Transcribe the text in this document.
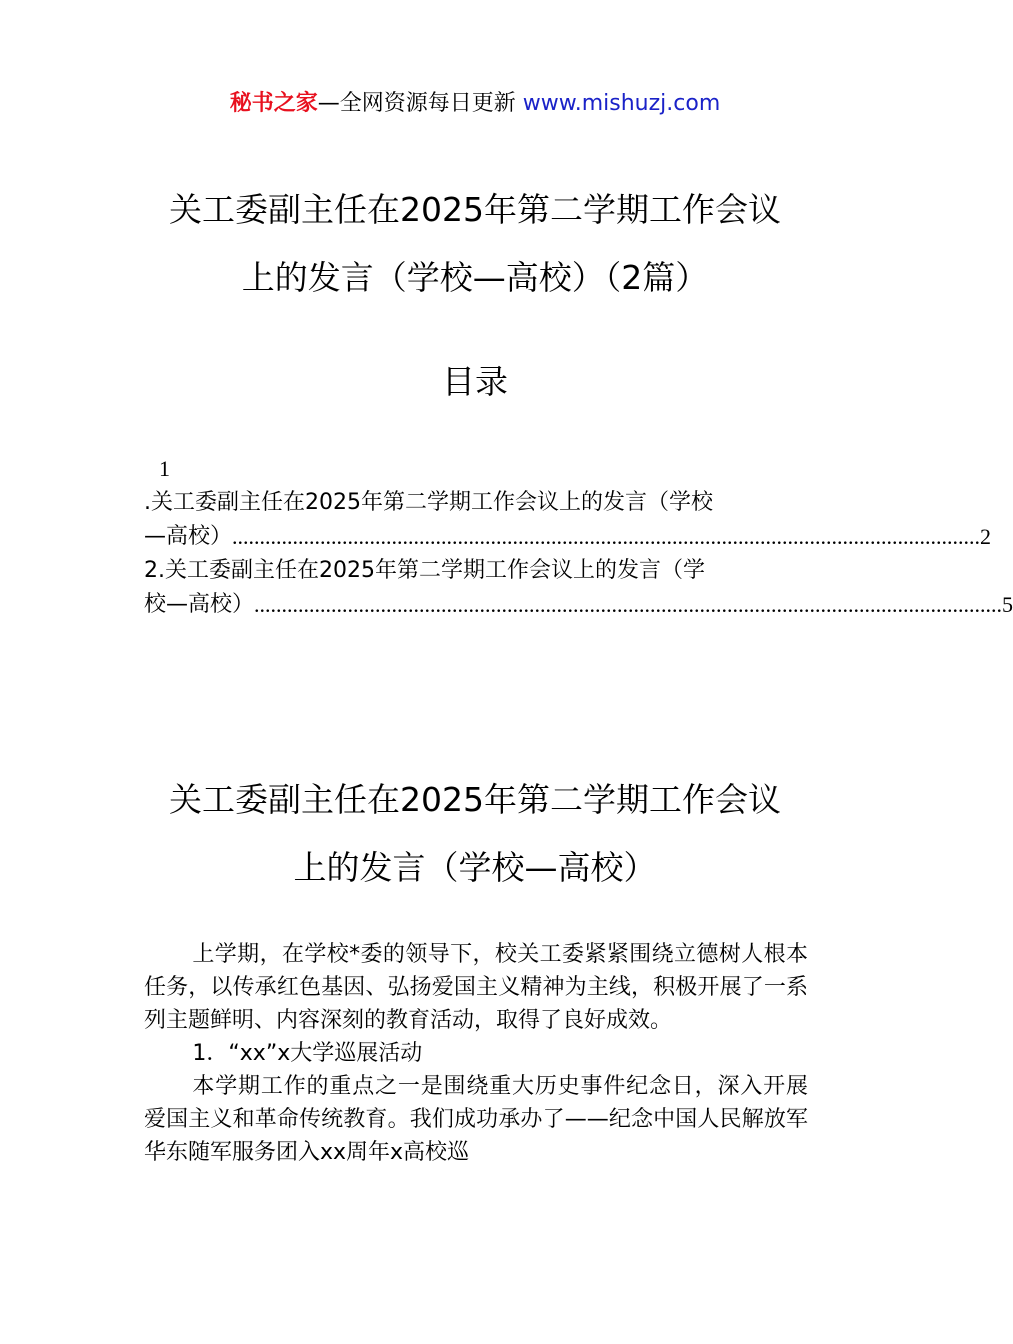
秘书之家—全网资源每日更新 www.mishuzj.com
关工委副主任在2025年第二学期工作会议
上的发言（学校—高校）（2篇）
目录
1
.关工委副主任在2025年第二学期工作会议上的发言（学校
—高校） ........................................................................................................................................ 2
2.关工委副主任在2025年第二学期工作会议上的发言（学
校—高校） ........................................................................................................................................ 5
关工委副主任在2025年第二学期工作会议
上的发言（学校—高校）

上学期，在学校*委的领导下，校关工委紧紧围绕立德树人根本任务，以传承红色基因、弘扬爱国主义精神为主线，积极开展了一系列主题鲜明、内容深刻的教育活动，取得了良好成效。

1．“xx”x大学巡展活动

本学期工作的重点之一是围绕重大历史事件纪念日，深入开展爱国主义和革命传统教育。我们成功承办了——纪念中国人民解放军华东随军服务团入xx周年x高校巡
